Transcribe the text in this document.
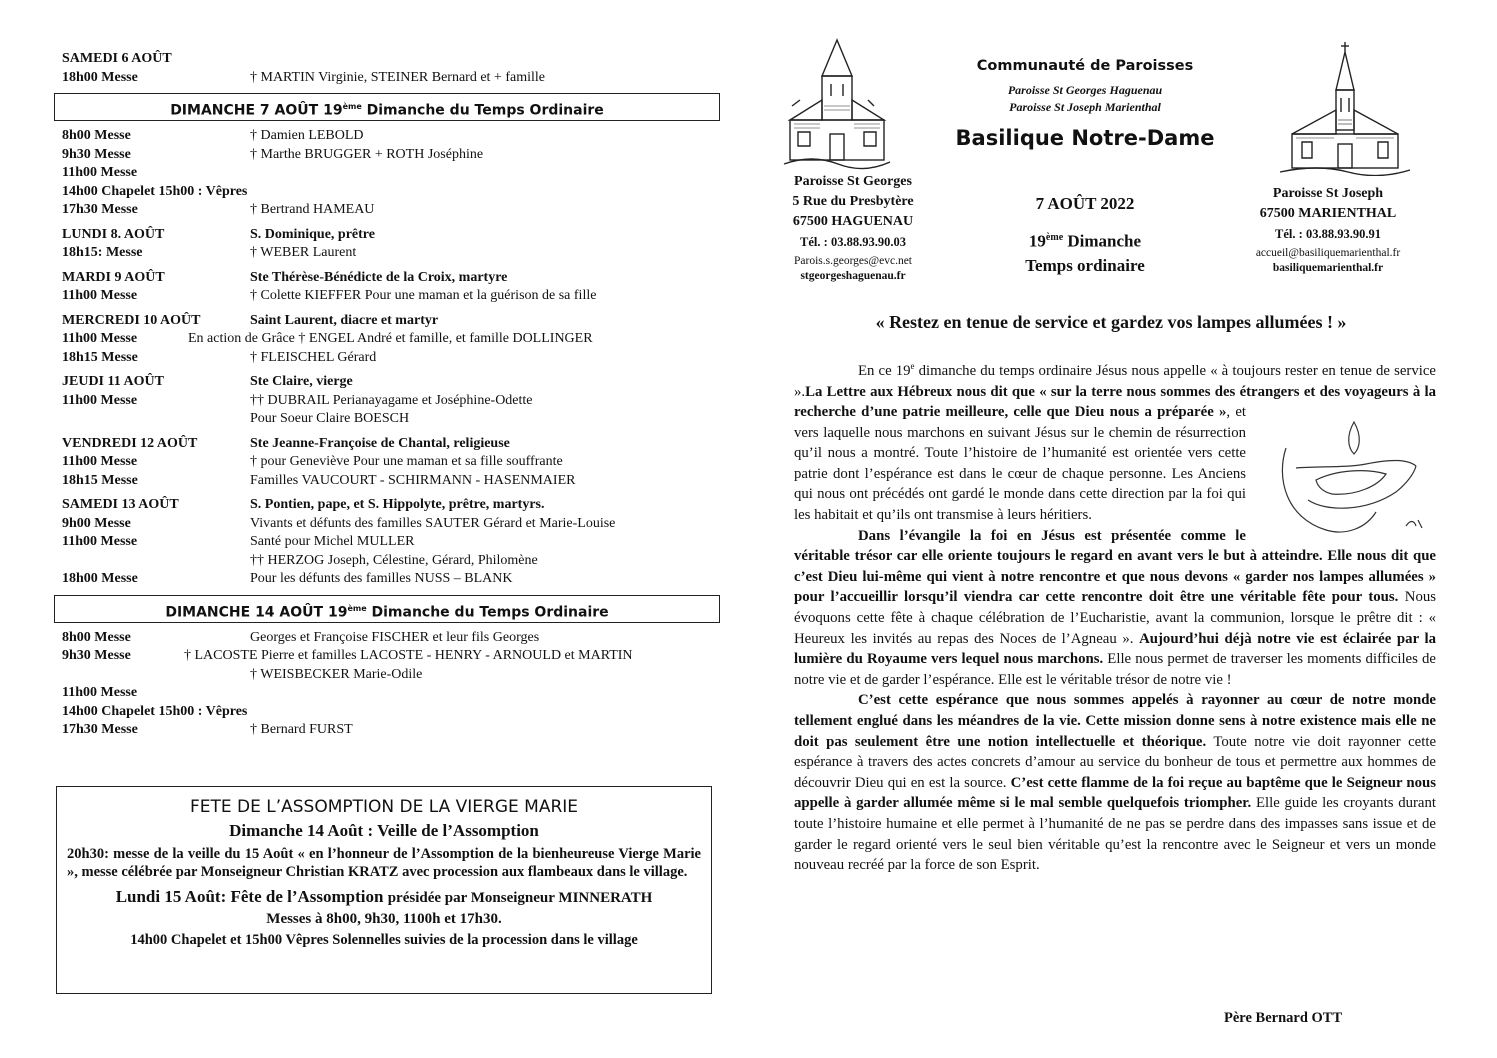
SAMEDI 6 AOÛT
18h00 Messe	† MARTIN Virginie, STEINER Bernard et + famille
DIMANCHE 7 AOÛT 19ème Dimanche du Temps Ordinaire
8h00 Messe	† Damien LEBOLD
9h30 Messe	† Marthe BRUGGER + ROTH Joséphine
11h00 Messe
14h00 Chapelet 15h00 : Vêpres
17h30 Messe	† Bertrand HAMEAU
LUNDI 8. AOÛT	S. Dominique, prêtre
18h15: Messe	† WEBER Laurent
MARDI 9 AOÛT	Ste Thérèse-Bénédicte de la Croix, martyre
11h00 Messe	† Colette KIEFFER Pour une maman et la guérison de sa fille
MERCREDI 10 AOÛT	Saint Laurent, diacre et martyr
11h00 Messe	En action de Grâce † ENGEL André et famille, et famille DOLLINGER
18h15 Messe	† FLEISCHEL Gérard
JEUDI 11 AOÛT	Ste Claire, vierge
11h00 Messe	†† DUBRAIL Perianayagame et Joséphine-Odette
Pour Soeur Claire BOESCH
VENDREDI 12 AOÛT	Ste Jeanne-Françoise de Chantal, religieuse
11h00 Messe	† pour Geneviève Pour une maman et sa fille souffrante
18h15 Messe	Familles VAUCOURT - SCHIRMANN - HASENMAIER
SAMEDI 13 AOÛT	S. Pontien, pape, et S. Hippolyte, prêtre, martyrs.
9h00 Messe	Vivants et défunts des familles SAUTER Gérard et Marie-Louise
11h00 Messe	Santé pour Michel MULLER
†† HERZOG Joseph, Célestine, Gérard, Philomène
18h00 Messe	Pour les défunts des familles NUSS – BLANK
DIMANCHE 14 AOÛT 19ème Dimanche du Temps Ordinaire
8h00 Messe	Georges et Françoise FISCHER et leur fils Georges
9h30 Messe	† LACOSTE Pierre et familles LACOSTE - HENRY - ARNOULD et MARTIN
† WEISBECKER Marie-Odile
11h00 Messe
14h00 Chapelet 15h00 : Vêpres
17h30 Messe	† Bernard FURST
FETE DE L’ASSOMPTION DE LA VIERGE MARIE
Dimanche 14 Août : Veille de l’Assomption
20h30: messe de la veille du 15 Août « en l’honneur de l’Assomption de la bienheureuse Vierge Marie », messe célébrée par Monseigneur Christian KRATZ avec procession aux flambeaux dans le village.
Lundi 15 Août: Fête de l’Assomption présidée par Monseigneur MINNERATH
Messes à 8h00, 9h30, 1100h et 17h30.
14h00 Chapelet et 15h00 Vêpres Solennelles suivies de la procession dans le village
Paroisse St Georges
5 Rue du Presbytère
67500 HAGUENAU
Tél. : 03.88.93.90.03
Parois.s.georges@evc.net
stgeorgeshaguenau.fr
Communauté de Paroisses
Paroisse St Georges Haguenau
Paroisse St Joseph Marienthal
Basilique Notre-Dame
7 AOÛT 2022
19ème Dimanche
Temps ordinaire
Paroisse St Joseph
67500 MARIENTHAL
Tél. : 03.88.93.90.91
accueil@basiliquemarienthal.fr
basiliquemarienthal.fr
« Restez en tenue de service et gardez vos lampes allumées ! »

En ce 19e dimanche du temps ordinaire Jésus nous appelle « à toujours rester en tenue de service ».La Lettre aux Hébreux nous dit que « sur la terre nous sommes des étrangers et des voyageurs à la recherche d’une patrie meilleure, celle que Dieu nous a préparée »
, et vers laquelle nous marchons en suivant Jésus sur le chemin de résurrection qu’il nous a montré. Toute l’histoire de l’humanité est orientée vers cette patrie dont l’espérance est dans le cœur de chaque personne. Les Anciens qui nous ont précédés ont gardé le monde dans cette direction par la foi qui les habitait et qu’ils ont transmise à leurs héritiers.

Dans l’évangile la foi en Jésus est présentée comme le véritable trésor car elle oriente toujours le regard en avant vers le but à atteindre. Elle nous dit que c’est Dieu lui-même qui vient à notre rencontre et que nous devons « garder nos lampes allumées » pour l’accueillir lorsqu’il viendra car cette rencontre doit être une véritable fête pour tous. Nous évoquons cette fête à chaque célébration de l’Eucharistie, avant la communion, lorsque le prêtre dit : « Heureux les invités au repas des Noces de l’Agneau ». Aujourd’hui déjà notre vie est éclairée par la lumière du Royaume vers lequel nous marchons. Elle nous permet de traverser les moments difficiles de notre vie et de garder l’espérance. Elle est le véritable trésor de notre vie !

C’est cette espérance que nous sommes appelés à rayonner au cœur de notre monde tellement englué dans les méandres de la vie. Cette mission donne sens à notre existence mais elle ne doit pas seulement être une notion intellectuelle et théorique. Toute notre vie doit rayonner cette espérance à travers des actes concrets d’amour au service du bonheur de tous et permettre aux hommes de découvrir Dieu qui en est la source. C’est cette flamme de la foi reçue au baptême que le Seigneur nous appelle à garder allumée même si le mal semble quelquefois triompher. Elle guide les croyants durant toute l’histoire humaine et elle permet à l’humanité de ne pas se perdre dans des impasses sans issue et de garder le regard orienté vers le seul bien véritable qu’est la rencontre avec le Seigneur et vers un monde nouveau recréé par la force de son Esprit.

Père Bernard OTT
